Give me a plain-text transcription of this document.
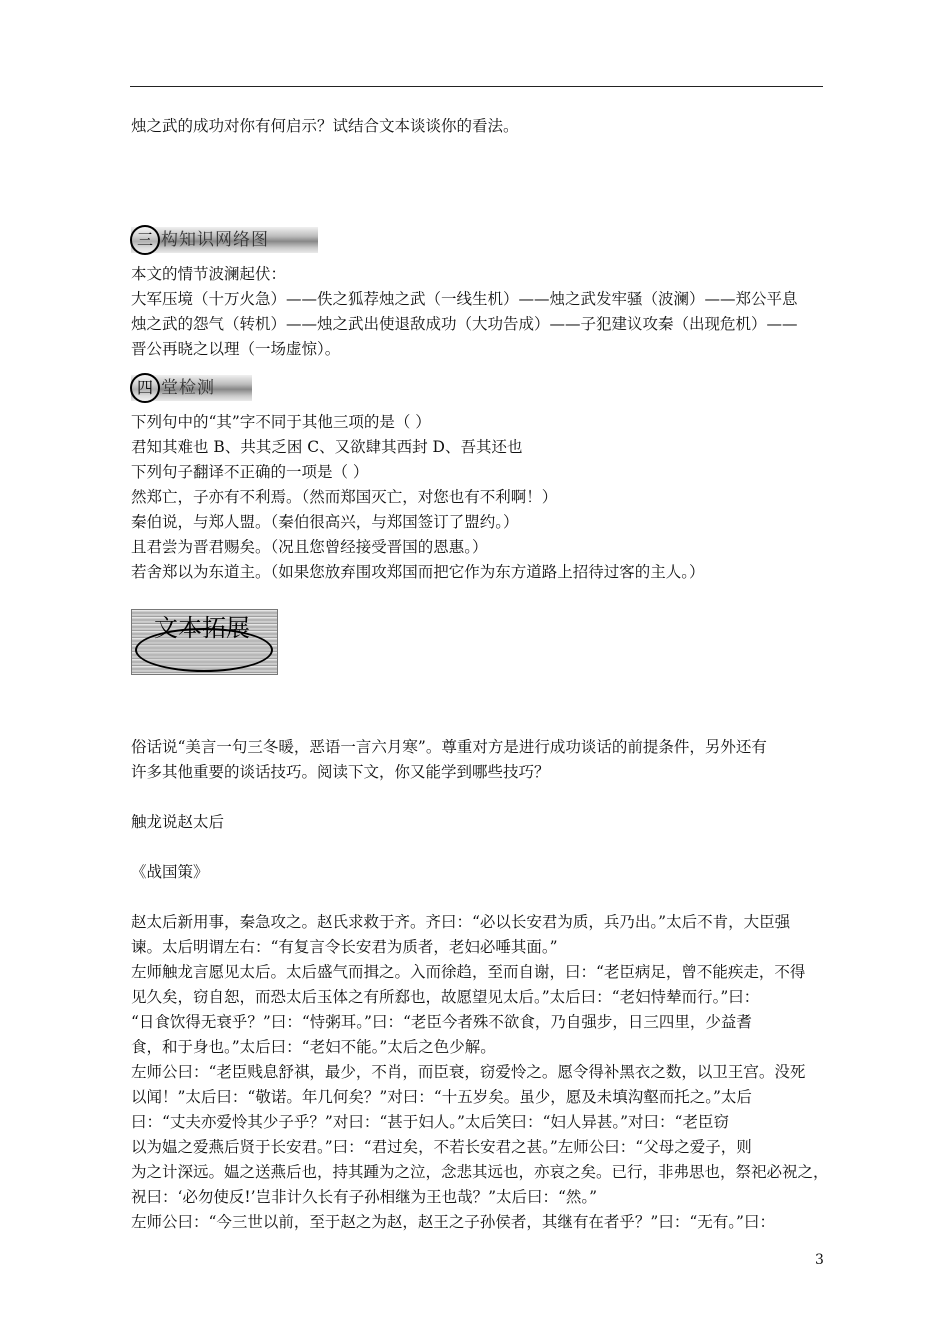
烛之武的成功对你有何启示？试结合文本谈谈你的看法。
三 构知识网络图
本文的情节波澜起伏：
大军压境（十万火急）——佚之狐荐烛之武（一线生机）——烛之武发牢骚（波澜）——郑公平息
烛之武的怨气（转机）——烛之武出使退敌成功（大功告成）——子犯建议攻秦（出现危机）——
晋公再晓之以理（一场虚惊）。
四 堂检测
下列句中的“其”字不同于其他三项的是（ ）
君知其难也 B、共其乏困 C、又欲肆其西封 D、吾其还也
下列句子翻译不正确的一项是（ ）
然郑亡，子亦有不利焉。（然而郑国灭亡，对您也有不利啊！）
秦伯说，与郑人盟。（秦伯很高兴，与郑国签订了盟约。）
且君尝为晋君赐矣。（况且您曾经接受晋国的恩惠。）
若舍郑以为东道主。（如果您放弃围攻郑国而把它作为东方道路上招待过客的主人。）
文本拓展
俗话说“美言一句三冬暖，恶语一言六月寒”。尊重对方是进行成功谈话的前提条件，另外还有
许多其他重要的谈话技巧。阅读下文，你又能学到哪些技巧？
触龙说赵太后
《战国策》
赵太后新用事，秦急攻之。赵氏求救于齐。齐曰：“必以长安君为质，兵乃出。”太后不肯，大臣强
谏。太后明谓左右：“有复言令长安君为质者，老妇必唾其面。”
左师触龙言愿见太后。太后盛气而揖之。入而徐趋，至而自谢，曰：“老臣病足，曾不能疾走，不得
见久矣，窃自恕，而恐太后玉体之有所郄也，故愿望见太后。”太后曰：“老妇恃辇而行。”曰：
“日食饮得无衰乎？”曰：“恃粥耳。”曰：“老臣今者殊不欲食，乃自强步，日三四里，少益耆
食，和于身也。”太后曰：“老妇不能。”太后之色少解。
左师公曰：“老臣贱息舒祺，最少，不肖，而臣衰，窃爱怜之。愿令得补黑衣之数，以卫王宫。没死
以闻！”太后曰：“敬诺。年几何矣？”对曰：“十五岁矣。虽少，愿及未填沟壑而托之。”太后
曰：“丈夫亦爱怜其少子乎？”对曰：“甚于妇人。”太后笑曰：“妇人异甚。”对曰：“老臣窃
以为媪之爱燕后贤于长安君。”曰：“君过矣，不若长安君之甚。”左师公曰：“父母之爱子，则
为之计深远。媪之送燕后也，持其踵为之泣，念悲其远也，亦哀之矣。已行，非弗思也，祭祀必祝之，
祝曰：‘必勿使反!’岂非计久长有子孙相继为王也哉？”太后曰：“然。”
左师公曰：“今三世以前，至于赵之为赵，赵王之子孙侯者，其继有在者乎？”曰：“无有。”曰：
3
